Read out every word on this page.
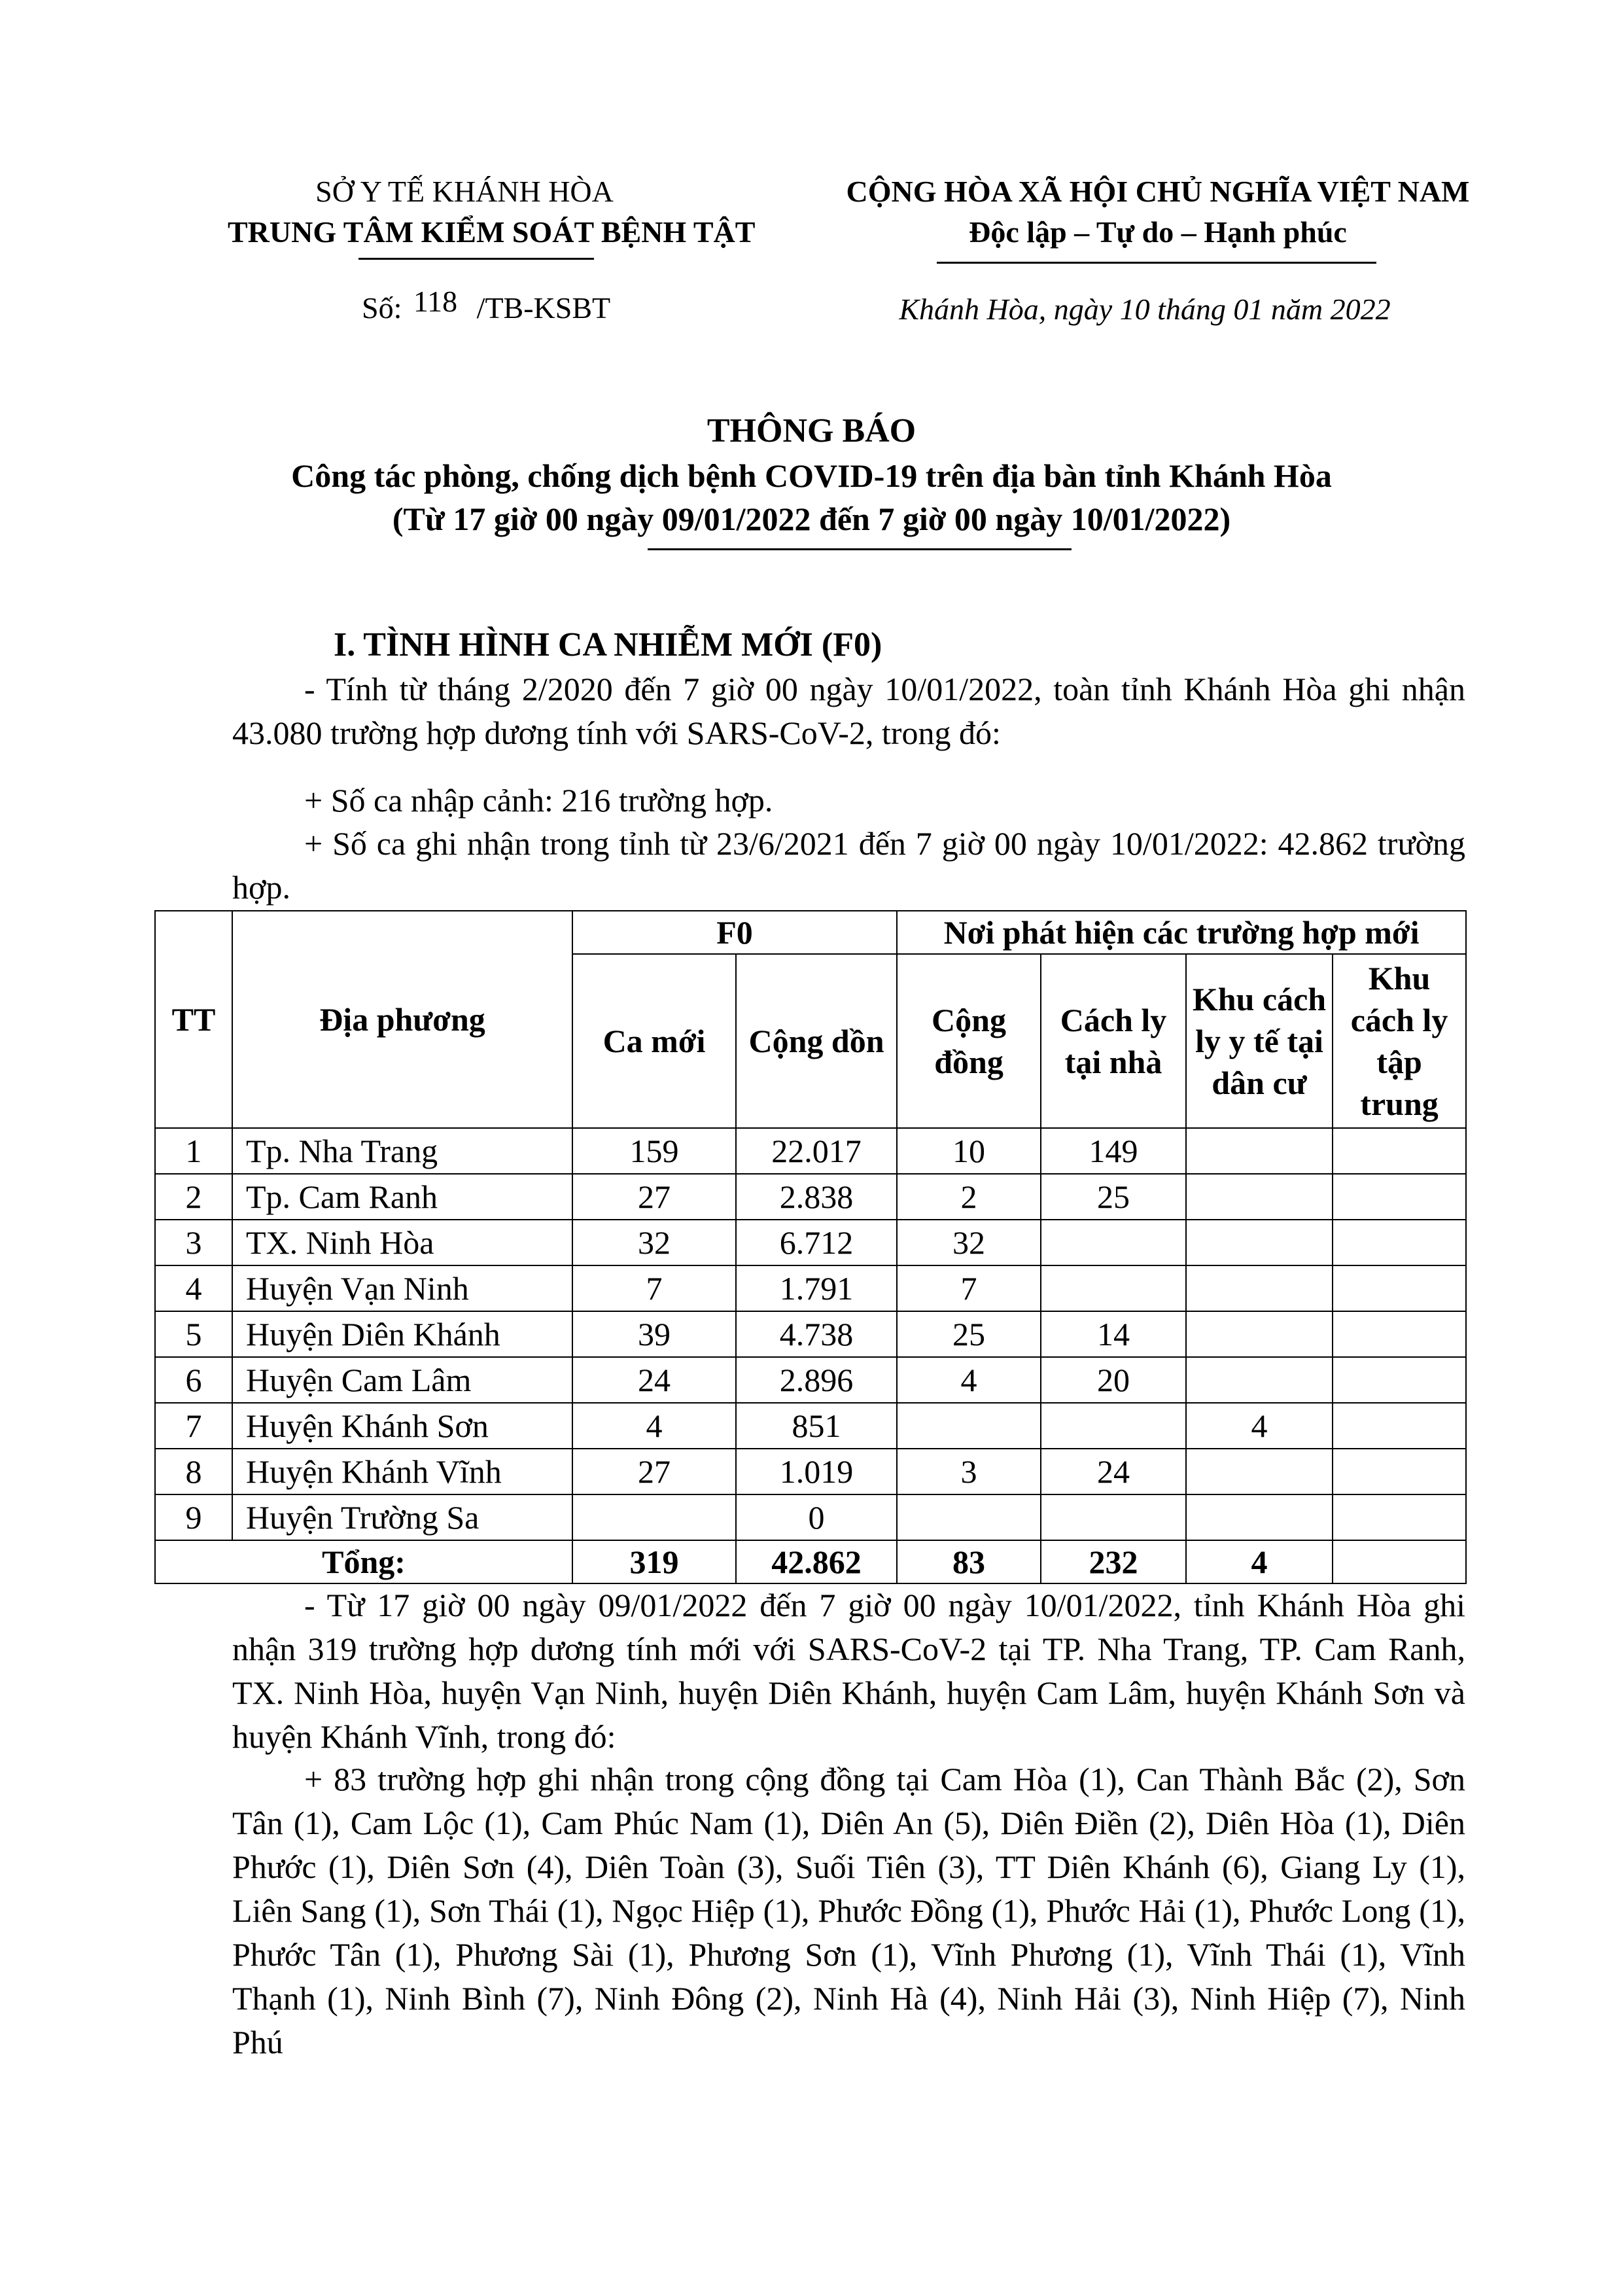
SỞ Y TẾ KHÁNH HÒA
TRUNG TÂM KIỂM SOÁT BỆNH TẬT
CỘNG HÒA XÃ HỘI CHỦ NGHĨA VIỆT NAM
Độc lập – Tự do – Hạnh phúc
Số: 118 /TB-KSBT	Khánh Hòa, ngày 10 tháng 01 năm 2022
THÔNG BÁO
Công tác phòng, chống dịch bệnh COVID-19 trên địa bàn tỉnh Khánh Hòa
(Từ 17 giờ 00 ngày 09/01/2022 đến 7 giờ 00 ngày 10/01/2022)
I. TÌNH HÌNH CA NHIỄM MỚI (F0)

- Tính từ tháng 2/2020 đến 7 giờ 00 ngày 10/01/2022, toàn tỉnh Khánh Hòa ghi nhận 43.080 trường hợp dương tính với SARS-CoV-2, trong đó:

+ Số ca nhập cảnh: 216 trường hợp.

+ Số ca ghi nhận trong tỉnh từ 23/6/2021 đến 7 giờ 00 ngày 10/01/2022: 42.862 trường hợp.

TT	Địa phương	F0		Nơi phát hiện các trường hợp mới			
		Ca mới	Cộng dồn	Cộng đồng	Cách ly tại nhà	Khu cách ly y tế tại dân cư	Khu cách ly tập trung
1	Tp. Nha Trang	159	22.017	10	149		
2	Tp. Cam Ranh	27	2.838	2	25		
3	TX. Ninh Hòa	32	6.712	32			
4	Huyện Vạn Ninh	7	1.791	7			
5	Huyện Diên Khánh	39	4.738	25	14		
6	Huyện Cam Lâm	24	2.896	4	20		
7	Huyện Khánh Sơn	4	851			4	
8	Huyện Khánh Vĩnh	27	1.019	3	24		
9	Huyện Trường Sa		0				
Tổng:		319	42.862	83	232	4	

- Từ 17 giờ 00 ngày 09/01/2022 đến 7 giờ 00 ngày 10/01/2022, tỉnh Khánh Hòa ghi nhận 319 trường hợp dương tính mới với SARS-CoV-2 tại TP. Nha Trang, TP. Cam Ranh, TX. Ninh Hòa, huyện Vạn Ninh, huyện Diên Khánh, huyện Cam Lâm, huyện Khánh Sơn và huyện Khánh Vĩnh, trong đó:

+ 83 trường hợp ghi nhận trong cộng đồng tại Cam Hòa (1), Can Thành Bắc (2), Sơn Tân (1), Cam Lộc (1), Cam Phúc Nam (1), Diên An (5), Diên Điền (2), Diên Hòa (1), Diên Phước (1), Diên Sơn (4), Diên Toàn (3), Suối Tiên (3), TT Diên Khánh (6), Giang Ly (1), Liên Sang (1), Sơn Thái (1), Ngọc Hiệp (1), Phước Đồng (1), Phước Hải (1), Phước Long (1), Phước Tân (1), Phương Sài (1), Phương Sơn (1), Vĩnh Phương (1), Vĩnh Thái (1), Vĩnh Thạnh (1), Ninh Bình (7), Ninh Đông (2), Ninh Hà (4), Ninh Hải (3), Ninh Hiệp (7), Ninh Phú
